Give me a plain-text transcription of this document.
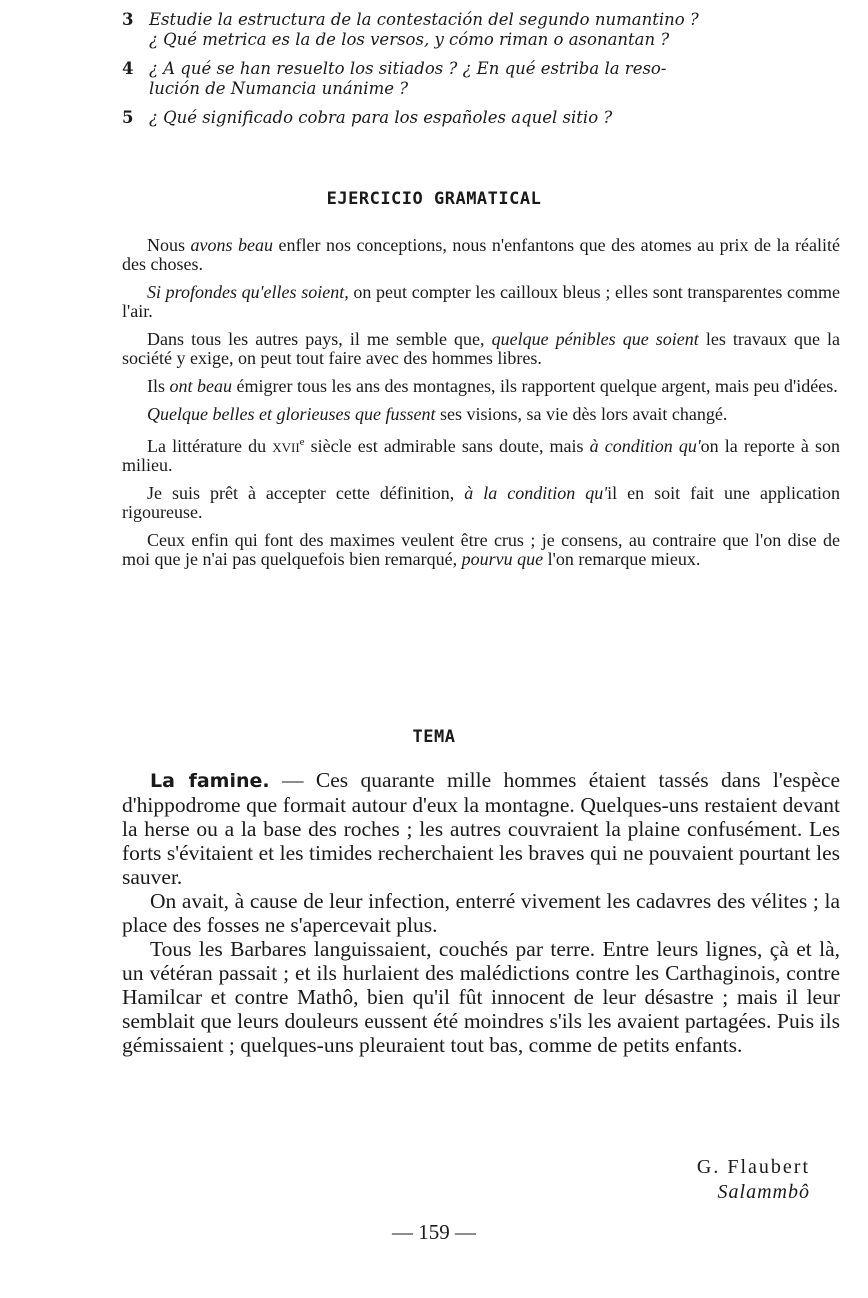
3 Estudie la estructura de la contestación del segundo numantino ?
¿ Qué metrica es la de los versos, y cómo riman o asonantan ?
4 ¿ A qué se han resuelto los sitiados ? ¿ En qué estriba la reso-
lución de Numancia unánime ?
5 ¿ Qué significado cobra para los españoles aquel sitio ?
EJERCICIO GRAMATICAL

Nous avons beau enfler nos conceptions, nous n'enfantons que des atomes au prix de la réalité des choses.

Si profondes qu'elles soient, on peut compter les cailloux bleus ; elles sont transparentes comme l'air.

Dans tous les autres pays, il me semble que, quelque pénibles que soient les travaux que la société y exige, on peut tout faire avec des hommes libres.

Ils ont beau émigrer tous les ans des montagnes, ils rapportent quelque argent, mais peu d'idées.

Quelque belles et glorieuses que fussent ses visions, sa vie dès lors avait changé.

La littérature du xvii$^e$ siècle est admirable sans doute, mais à condition qu'on la reporte à son milieu.

Je suis prêt à accepter cette définition, à la condition qu'il en soit fait une application rigoureuse.

Ceux enfin qui font des maximes veulent être crus ; je consens, au contraire que l'on dise de moi que je n'ai pas quelquefois bien remarqué, pourvu que l'on remarque mieux.

TEMA

La famine. — Ces quarante mille hommes étaient tassés dans l'espèce d'hippodrome que formait autour d'eux la montagne. Quelques-uns restaient devant la herse ou a la base des roches ; les autres couvraient la plaine confusément. Les forts s'évitaient et les timides recherchaient les braves qui ne pouvaient pourtant les sauver.

On avait, à cause de leur infection, enterré vivement les cadavres des vélites ; la place des fosses ne s'apercevait plus.

Tous les Barbares languissaient, couchés par terre. Entre leurs lignes, çà et là, un vétéran passait ; et ils hurlaient des malédictions contre les Carthaginois, contre Hamilcar et contre Mathô, bien qu'il fût innocent de leur désastre ; mais il leur semblait que leurs douleurs eussent été moindres s'ils les avaient partagées. Puis ils gémissaient ; quelques-uns pleuraient tout bas, comme de petits enfants.

G. Flaubert
Salammbô
— 159 —
